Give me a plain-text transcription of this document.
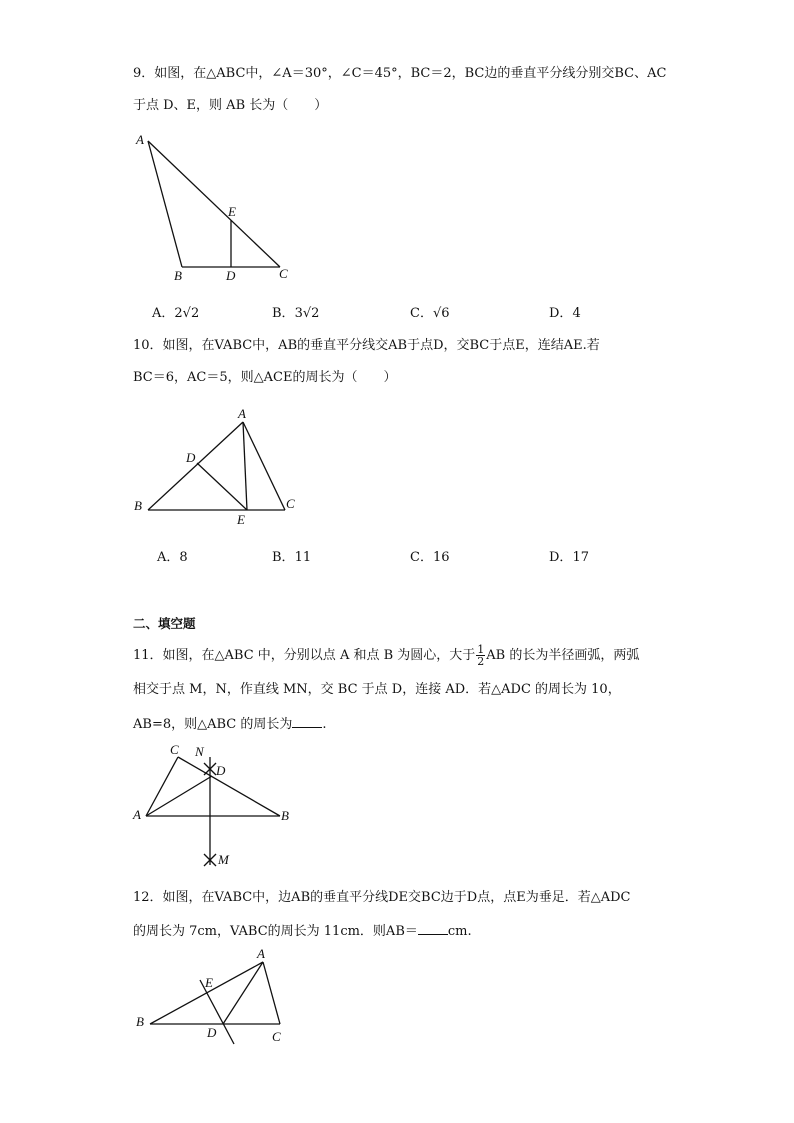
9．如图，在△ABC中，∠A＝30°，∠C＝45°，BC＝2，BC边的垂直平分线分别交BC、AC
于点 D、E，则 AB 长为（　　）
A
B	C
D
E
A．2√2	B．3√2	C．√6	D．4
10．如图，在VABC中，AB的垂直平分线交AB于点D，交BC于点E，连结AE.若
BC＝6，AC＝5，则△ACE的周长为（　　）
A
B	C
D
E
A．8	B．11	C．16	D．17
二、填空题
11．如图，在△ABC 中，分别以点 A 和点 B 为圆心，大于 $\frac{1}{2}$ AB 的长为半径画弧，两弧
相交于点 M，N，作直线 MN，交 BC 于点 D，连接 AD．若△ADC 的周长为 10，
AB=8，则△ABC 的周长为 .
A	B
C
D
N
M
12．如图，在VABC中，边AB的垂直平分线DE交BC边于D点，点E为垂足．若△ADC
的周长为 7cm，VABC的周长为 11cm．则AB＝ cm.
A
B
C
D
E
